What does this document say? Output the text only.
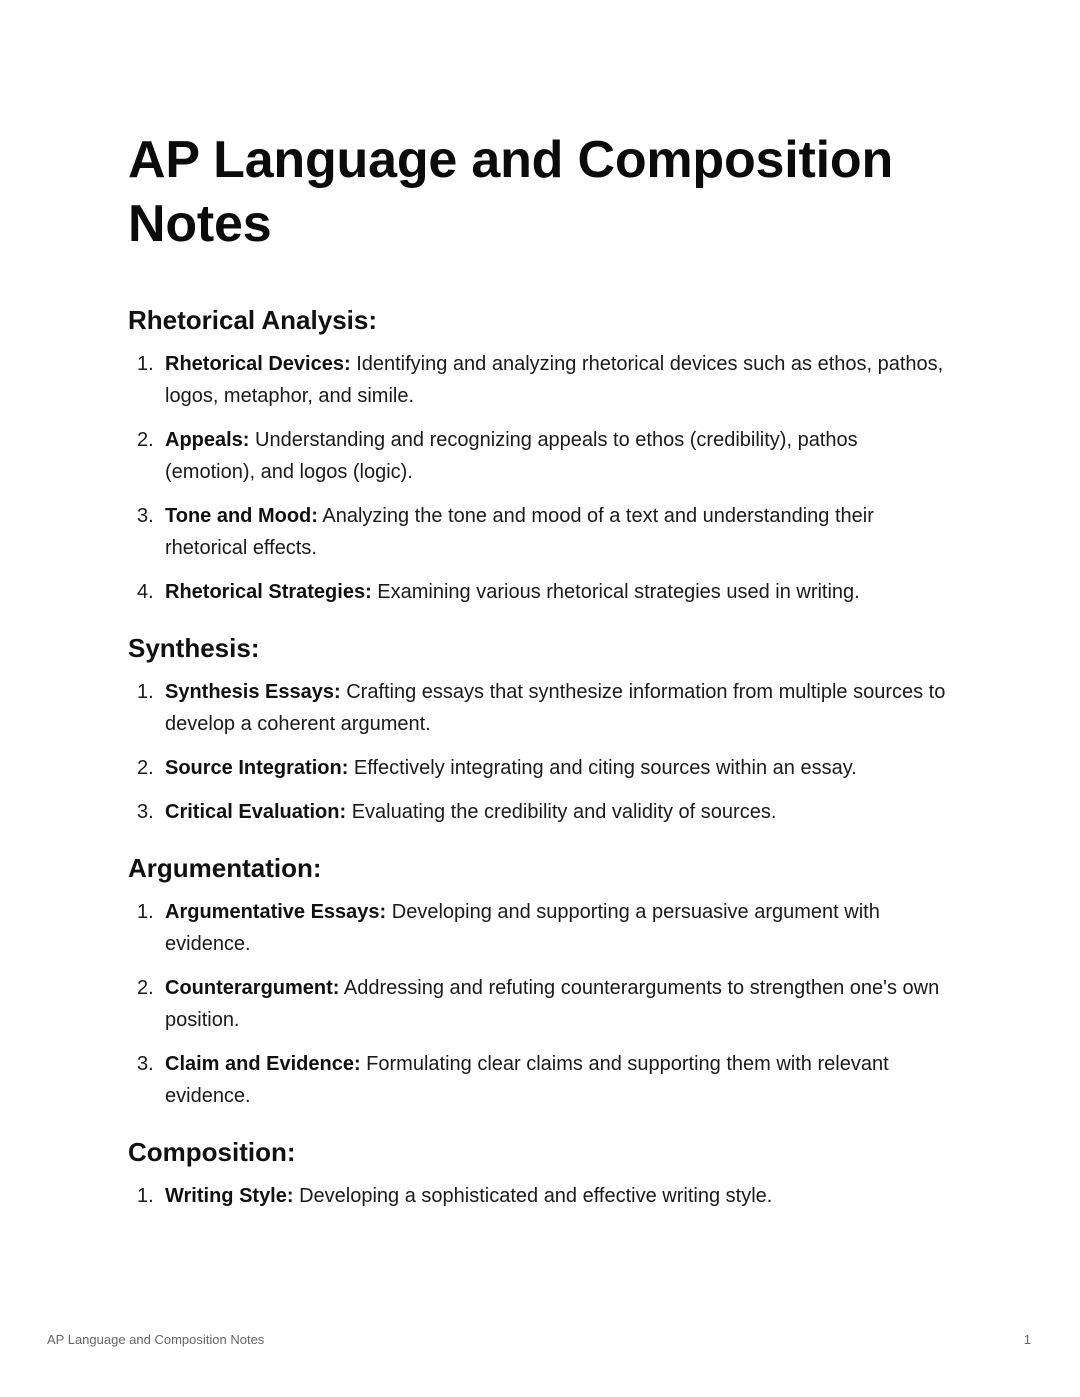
AP Language and Composition Notes
Rhetorical Analysis:
1. Rhetorical Devices: Identifying and analyzing rhetorical devices such as ethos, pathos, logos, metaphor, and simile.
2. Appeals: Understanding and recognizing appeals to ethos (credibility), pathos (emotion), and logos (logic).
3. Tone and Mood: Analyzing the tone and mood of a text and understanding their rhetorical effects.
4. Rhetorical Strategies: Examining various rhetorical strategies used in writing.
Synthesis:
1. Synthesis Essays: Crafting essays that synthesize information from multiple sources to develop a coherent argument.
2. Source Integration: Effectively integrating and citing sources within an essay.
3. Critical Evaluation: Evaluating the credibility and validity of sources.
Argumentation:
1. Argumentative Essays: Developing and supporting a persuasive argument with evidence.
2. Counterargument: Addressing and refuting counterarguments to strengthen one's own position.
3. Claim and Evidence: Formulating clear claims and supporting them with relevant evidence.
Composition:
1. Writing Style: Developing a sophisticated and effective writing style.
AP Language and Composition Notes	1
